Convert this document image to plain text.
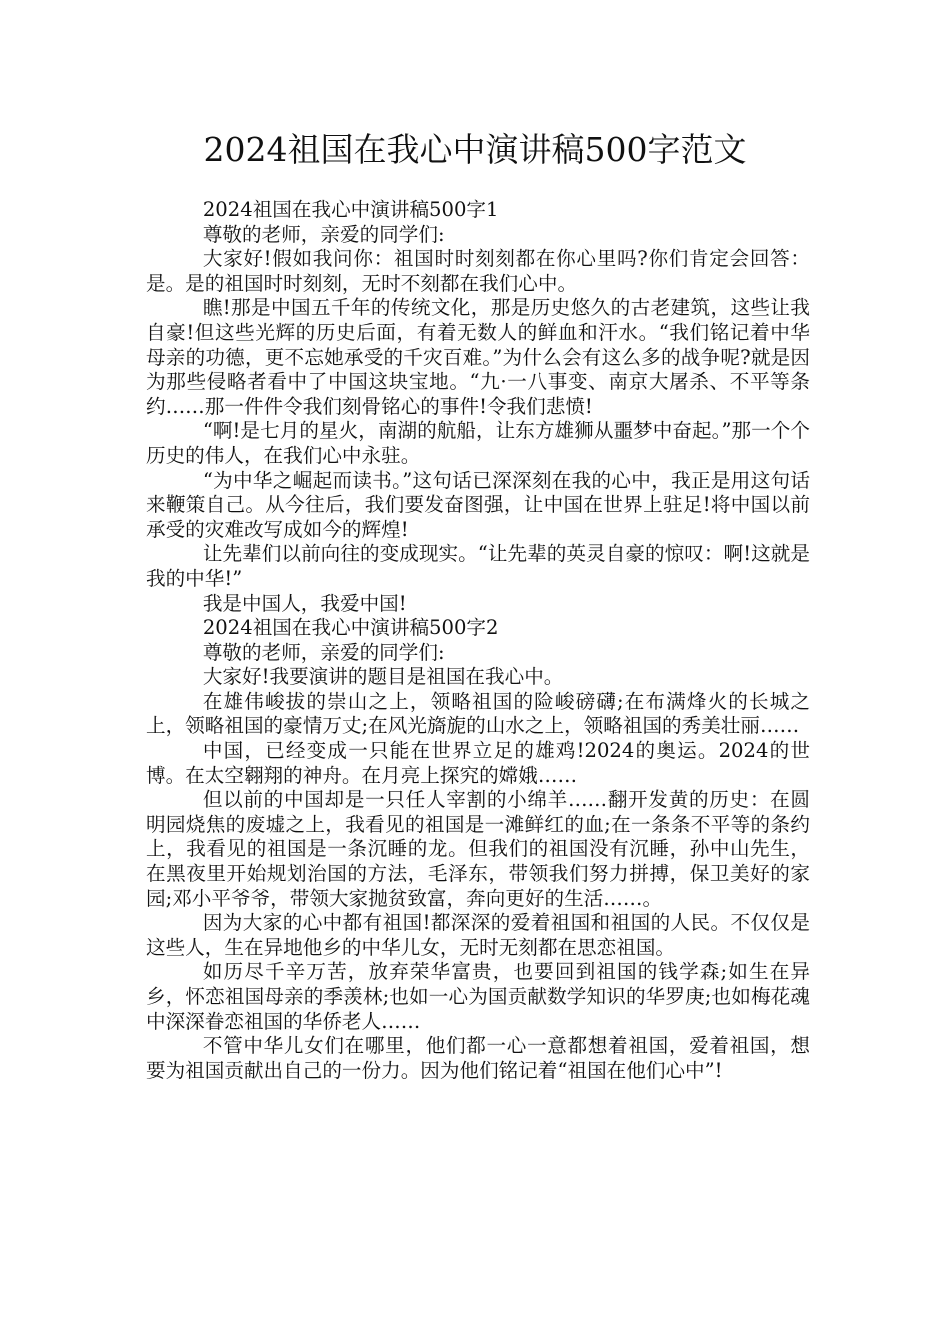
2024祖国在我心中演讲稿500字范文

2024祖国在我心中演讲稿500字1

尊敬的老师，亲爱的同学们:

大家好!假如我问你：祖国时时刻刻都在你心里吗?你们肯定会回答：是。是的祖国时时刻刻，无时不刻都在我们心中。

瞧!那是中国五千年的传统文化，那是历史悠久的古老建筑，这些让我自豪!但这些光辉的历史后面，有着无数人的鲜血和汗水。“我们铭记着中华母亲的功德，更不忘她承受的千灾百难。”为什么会有这么多的战争呢?就是因为那些侵略者看中了中国这块宝地。“九·一八事变、南京大屠杀、不平等条约……那一件件令我们刻骨铭心的事件!令我们悲愤!

“啊!是七月的星火，南湖的航船，让东方雄狮从噩梦中奋起。”那一个个历史的伟人，在我们心中永驻。

“为中华之崛起而读书。”这句话已深深刻在我的心中，我正是用这句话来鞭策自己。从今往后，我们要发奋图强，让中国在世界上驻足!将中国以前承受的灾难改写成如今的辉煌!

让先辈们以前向往的变成现实。“让先辈的英灵自豪的惊叹：啊!这就是我的中华!”

我是中国人，我爱中国!

2024祖国在我心中演讲稿500字2

尊敬的老师，亲爱的同学们:

大家好!我要演讲的题目是祖国在我心中。

在雄伟峻拔的崇山之上，领略祖国的险峻磅礴;在布满烽火的长城之上，领略祖国的豪情万丈;在风光旖旎的山水之上，领略祖国的秀美壮丽……

中国，已经变成一只能在世界立足的雄鸡!2024的奥运。2024的世博。在太空翱翔的神舟。在月亮上探究的嫦娥……

但以前的中国却是一只任人宰割的小绵羊……翻开发黄的历史：在圆明园烧焦的废墟之上，我看见的祖国是一滩鲜红的血;在一条条不平等的条约上，我看见的祖国是一条沉睡的龙。但我们的祖国没有沉睡，孙中山先生，在黑夜里开始规划治国的方法，毛泽东，带领我们努力拼搏，保卫美好的家园;邓小平爷爷，带领大家抛贫致富，奔向更好的生活……。

因为大家的心中都有祖国!都深深的爱着祖国和祖国的人民。不仅仅是这些人，生在异地他乡的中华儿女，无时无刻都在思恋祖国。

如历尽千辛万苦，放弃荣华富贵，也要回到祖国的钱学森;如生在异乡，怀恋祖国母亲的季羡林;也如一心为国贡献数学知识的华罗庚;也如梅花魂中深深眷恋祖国的华侨老人……

不管中华儿女们在哪里，他们都一心一意都想着祖国，爱着祖国，想要为祖国贡献出自己的一份力。因为他们铭记着“祖国在他们心中”!
